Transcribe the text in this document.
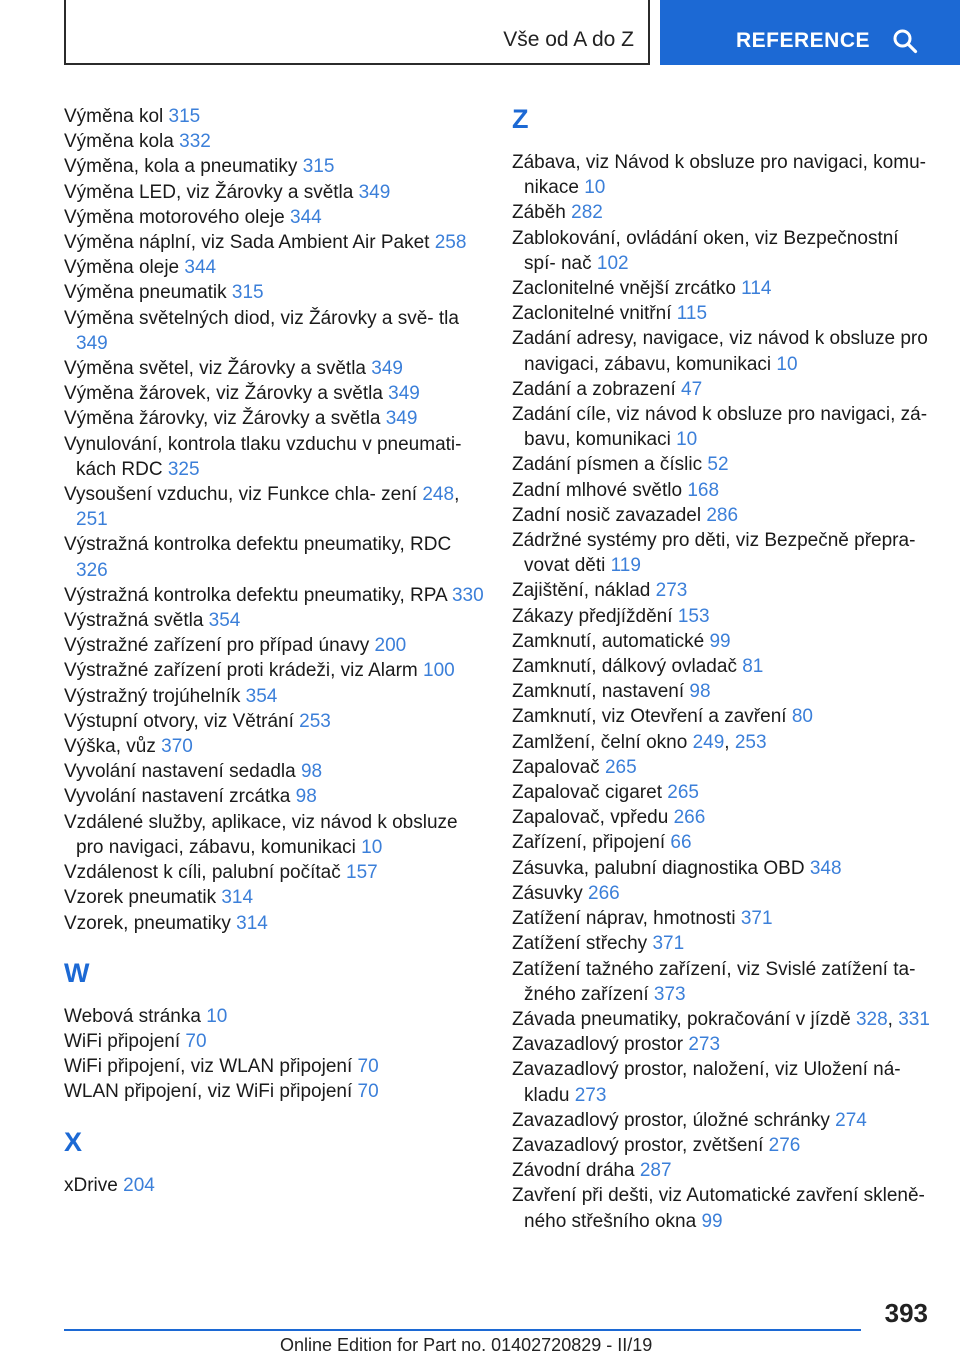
Vše od A do Z	REFERENCE
Výměna kol 315
Výměna kola 332
Výměna, kola a pneumatiky 315
Výměna LED, viz Žárovky a světla 349
Výměna motorového oleje 344
Výměna náplní, viz Sada Ambient Air Paket 258
Výměna oleje 344
Výměna pneumatik 315
Výměna světelných diod, viz Žárovky a svě‐ tla 349
Výměna světel, viz Žárovky a světla 349
Výměna žárovek, viz Žárovky a světla 349
Výměna žárovky, viz Žárovky a světla 349
Vynulování, kontrola tlaku vzduchu v pneumati‐ kách RDC 325
Vysoušení vzduchu, viz Funkce chla‐ zení 248, 251
Výstražná kontrolka defektu pneumatiky, RDC 326
Výstražná kontrolka defektu pneumatiky, RPA 330
Výstražná světla 354
Výstražné zařízení pro případ únavy 200
Výstražné zařízení proti krádeži, viz Alarm 100
Výstražný trojúhelník 354
Výstupní otvory, viz Větrání 253
Výška, vůz 370
Vyvolání nastavení sedadla 98
Vyvolání nastavení zrcátka 98
Vzdálené služby, aplikace, viz návod k obsluze pro navigaci, zábavu, komunikaci 10
Vzdálenost k cíli, palubní počítač 157
Vzorek pneumatik 314
Vzorek, pneumatiky 314
W
Webová stránka 10
WiFi připojení 70
WiFi připojení, viz WLAN připojení 70
WLAN připojení, viz WiFi připojení 70
X
xDrive 204
Z
Zábava, viz Návod k obsluze pro navigaci, komu‐ nikace 10
Záběh 282
Zablokování, ovládání oken, viz Bezpečnostní spí‐ nač 102
Zaclonitelné vnější zrcátko 114
Zaclonitelné vnitřní 115
Zadání adresy, navigace, viz návod k obsluze pro navigaci, zábavu, komunikaci 10
Zadání a zobrazení 47
Zadání cíle, viz návod k obsluze pro navigaci, zá‐ bavu, komunikaci 10
Zadání písmen a číslic 52
Zadní mlhové světlo 168
Zadní nosič zavazadel 286
Zádržné systémy pro děti, viz Bezpečně přepra‐ vovat děti 119
Zajištění, náklad 273
Zákazy předjíždění 153
Zamknutí, automatické 99
Zamknutí, dálkový ovladač 81
Zamknutí, nastavení 98
Zamknutí, viz Otevření a zavření 80
Zamlžení, čelní okno 249, 253
Zapalovač 265
Zapalovač cigaret 265
Zapalovač, vpředu 266
Zařízení, připojení 66
Zásuvka, palubní diagnostika OBD 348
Zásuvky 266
Zatížení náprav, hmotnosti 371
Zatížení střechy 371
Zatížení tažného zařízení, viz Svislé zatížení ta‐ žného zařízení 373
Závada pneumatiky, pokračování v jízdě 328, 331
Zavazadlový prostor 273
Zavazadlový prostor, naložení, viz Uložení ná‐ kladu 273
Zavazadlový prostor, úložné schránky 274
Zavazadlový prostor, zvětšení 276
Závodní dráha 287
Zavření při dešti, viz Automatické zavření skleně‐ ného střešního okna 99
393
Online Edition for Part no. 01402720829 - II/19
